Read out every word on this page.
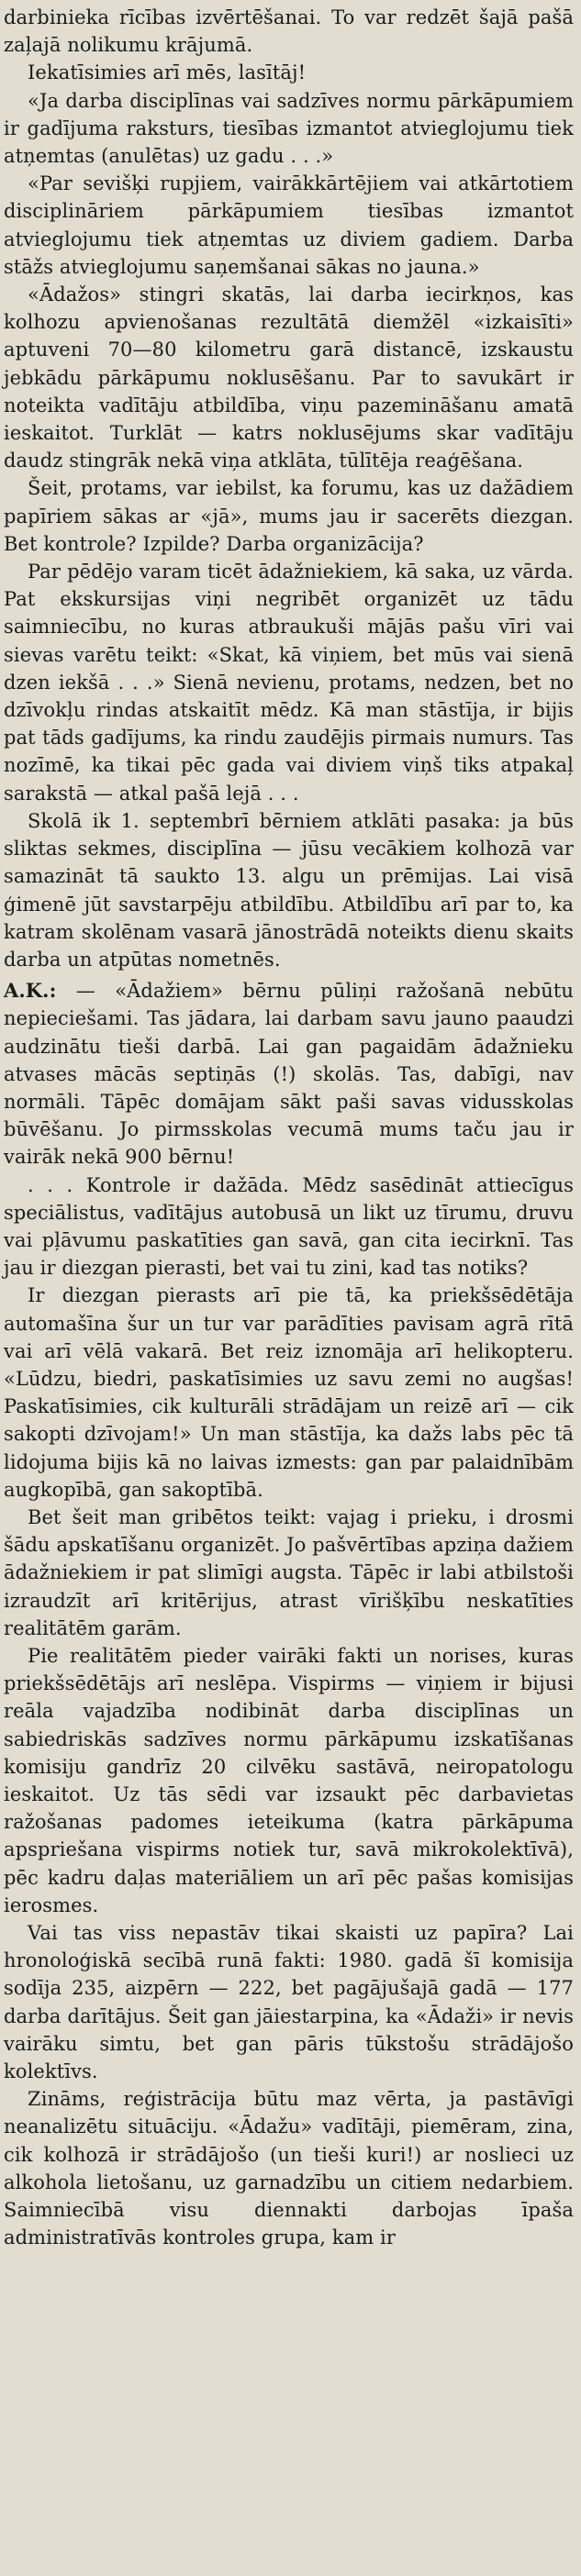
darbinieka rīcības izvērtēšanai. To var redzēt šajā pašā zaļajā nolikumu krājumā.

Iekatīsimies arī mēs, lasītāj!

«Ja darba disciplīnas vai sadzīves normu pārkāpumiem ir gadījuma raksturs, tiesības izmantot atvieglojumu tiek atņemtas (anulētas) uz gadu . . .»

«Par sevišķi rupjiem, vairākkārtējiem vai atkārtotiem disciplināriem pārkāpumiem tiesības izmantot atvieglojumu tiek atņemtas uz diviem gadiem. Darba stāžs atvieglojumu saņemšanai sākas no jauna.»

«Ādažos» stingri skatās, lai darba iecirkņos, kas kolhozu apvienošanas rezultātā diemžēl «izkaisīti» aptuveni 70—80 kilometru garā distancē, izskaustu jebkādu pārkāpumu noklusēšanu. Par to savukārt ir noteikta vadītāju atbildība, viņu pazemināšanu amatā ieskaitot. Turklāt — katrs noklusējums skar vadītāju daudz stingrāk nekā viņa atklāta, tūlītēja reaģēšana.

Šeit, protams, var iebilst, ka forumu, kas uz dažādiem papīriem sākas ar «jā», mums jau ir sacerēts diezgan. Bet kontrole? Izpilde? Darba organizācija?

Par pēdējo varam ticēt ādažniekiem, kā saka, uz vārda. Pat ekskursijas viņi negribēt organizēt uz tādu saimniecību, no kuras atbraukuši mājās pašu vīri vai sievas varētu teikt: «Skat, kā viņiem, bet mūs vai sienā dzen iekšā . . .» Sienā nevienu, protams, nedzen, bet no dzīvokļu rindas atskaitīt mēdz. Kā man stāstīja, ir bijis pat tāds gadījums, ka rindu zaudējis pirmais numurs. Tas nozīmē, ka tikai pēc gada vai diviem viņš tiks atpakaļ sarakstā — atkal pašā lejā . . .

Skolā ik 1. septembrī bērniem atklāti pasaka: ja būs sliktas sekmes, disciplīna — jūsu vecākiem kolhozā var samazināt tā saukto 13. algu un prēmijas. Lai visā ģimenē jūt savstarpēju atbildību. Atbildību arī par to, ka katram skolēnam vasarā jānostrādā noteikts dienu skaits darba un atpūtas nometnēs.

A.K.: — «Ādažiem» bērnu pūliņi ražošanā nebūtu nepieciešami. Tas jādara, lai darbam savu jauno paaudzi audzinātu tieši darbā. Lai gan pagaidām ādažnieku atvases mācās septiņās (!) skolās. Tas, dabīgi, nav normāli. Tāpēc domājam sākt paši savas vidusskolas būvēšanu. Jo pirmsskolas vecumā mums taču jau ir vairāk nekā 900 bērnu!

. . . Kontrole ir dažāda. Mēdz sasēdināt attiecīgus speciālistus, vadītājus autobusā un likt uz tīrumu, druvu vai pļāvumu paskatīties gan savā, gan cita iecirknī. Tas jau ir diezgan pierasti, bet vai tu zini, kad tas notiks?

Ir diezgan pierasts arī pie tā, ka priekšsēdētāja automašīna šur un tur var parādīties pavisam agrā rītā vai arī vēlā vakarā. Bet reiz iznomāja arī helikopteru. «Lūdzu, biedri, paskatīsimies uz savu zemi no augšas! Paskatīsimies, cik kulturāli strādājam un reizē arī — cik sakopti dzīvojam!» Un man stāstīja, ka dažs labs pēc tā lidojuma bijis kā no laivas izmests: gan par palaidnībām augkopībā, gan sakoptībā.

Bet šeit man gribētos teikt: vajag i prieku, i drosmi šādu apskatīšanu organizēt. Jo pašvērtības apziņa dažiem ādažniekiem ir pat slimīgi augsta. Tāpēc ir labi atbilstoši izraudzīt arī kritērijus, atrast vīrišķību neskatīties realitātēm garām.

Pie realitātēm pieder vairāki fakti un norises, kuras priekšsēdētājs arī neslēpa. Vispirms — viņiem ir bijusi reāla vajadzība nodibināt darba disciplīnas un sabiedriskās sadzīves normu pārkāpumu izskatīšanas komisiju gandrīz 20 cilvēku sastāvā, neiropatologu ieskaitot. Uz tās sēdi var izsaukt pēc darbavietas ražošanas padomes ieteikuma (katra pārkāpuma apspriešana vispirms notiek tur, savā mikrokolektīvā), pēc kadru daļas materiāliem un arī pēc pašas komisijas ierosmes.

Vai tas viss nepastāv tikai skaisti uz papīra? Lai hronoloģiskā secībā runā fakti: 1980. gadā šī komisija sodīja 235, aizpērn — 222, bet pagājušajā gadā — 177 darba darītājus. Šeit gan jāiestarpina, ka «Ādaži» ir nevis vairāku simtu, bet gan pāris tūkstošu strādājošo kolektīvs.

Zināms, reģistrācija būtu maz vērta, ja pastāvīgi neanalizētu situāciju. «Ādažu» vadītāji, piemēram, zina, cik kolhozā ir strādājošo (un tieši kuri!) ar noslieci uz alkohola lietošanu, uz garnadzību un citiem nedarbiem. Saimniecībā visu diennakti darbojas īpaša administratīvās kontroles grupa, kam ir
